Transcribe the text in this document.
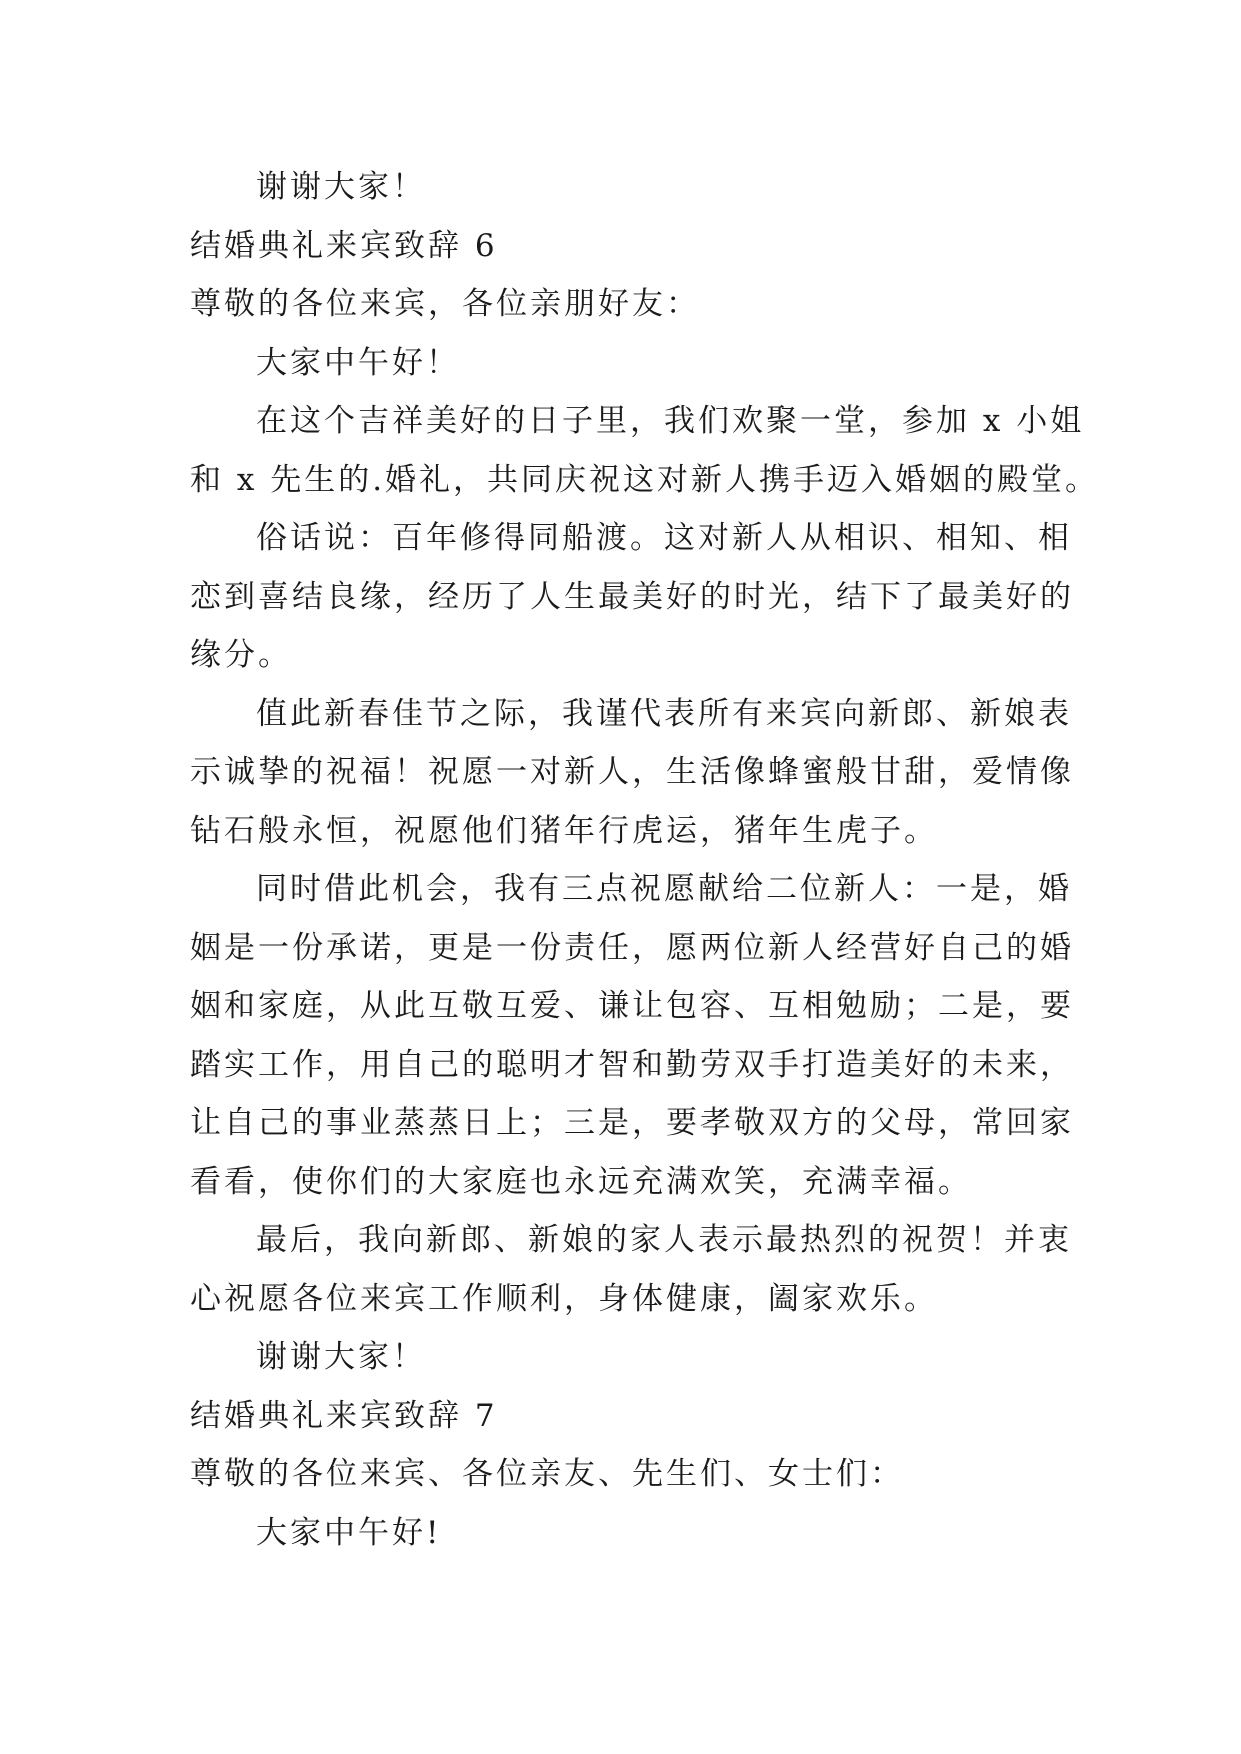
谢谢大家！
结婚典礼来宾致辞 6
尊敬的各位来宾，各位亲朋好友：
大家中午好！
在这个吉祥美好的日子里，我们欢聚一堂，参加 x 小姐
和 x 先生的.婚礼，共同庆祝这对新人携手迈入婚姻的殿堂。
俗话说：百年修得同船渡。这对新人从相识、相知、相
恋到喜结良缘，经历了人生最美好的时光，结下了最美好的
缘分。
值此新春佳节之际，我谨代表所有来宾向新郎、新娘表
示诚挚的祝福！祝愿一对新人，生活像蜂蜜般甘甜，爱情像
钻石般永恒，祝愿他们猪年行虎运，猪年生虎子。
同时借此机会，我有三点祝愿献给二位新人：一是，婚
姻是一份承诺，更是一份责任，愿两位新人经营好自己的婚
姻和家庭，从此互敬互爱、谦让包容、互相勉励；二是，要
踏实工作，用自己的聪明才智和勤劳双手打造美好的未来，
让自己的事业蒸蒸日上；三是，要孝敬双方的父母，常回家
看看，使你们的大家庭也永远充满欢笑，充满幸福。
最后，我向新郎、新娘的家人表示最热烈的祝贺！并衷
心祝愿各位来宾工作顺利，身体健康，阖家欢乐。
谢谢大家！
结婚典礼来宾致辞 7
尊敬的各位来宾、各位亲友、先生们、女士们：
大家中午好!
